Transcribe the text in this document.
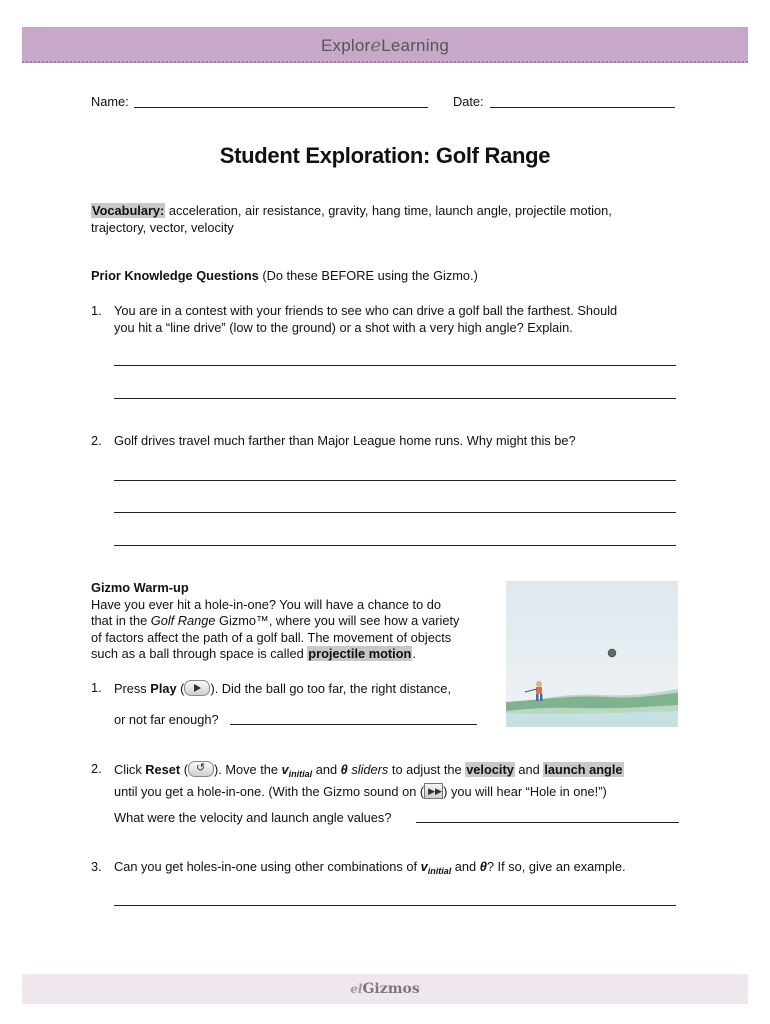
ExploreLearning
Name:	Date:
Student Exploration: Golf Range
Vocabulary: acceleration, air resistance, gravity, hang time, launch angle, projectile motion,
trajectory, vector, velocity
Prior Knowledge Questions (Do these BEFORE using the Gizmo.)
1. You are in a contest with your friends to see who can drive a golf ball the farthest. Should
you hit a “line drive” (low to the ground) or a shot with a very high angle? Explain.
2. Golf drives travel much farther than Major League home runs. Why might this be?
Gizmo Warm-up
Have you ever hit a hole-in-one? You will have a chance to do
that in the Golf Range Gizmo™, where you will see how a variety
of factors affect the path of a golf ball. The movement of objects
such as a ball through space is called projectile motion.
1. Press Play ( ). Did the ball go too far, the right distance,
or not far enough?
2. Click Reset ( ↺ ). Move the $v_{initial}$ and θ sliders to adjust the velocity and launch angle
until you get a hole-in-one. (With the Gizmo sound on ( ▶▶ ) you will hear “Hole in one!”)
What were the velocity and launch angle values?
3. Can you get holes-in-one using other combinations of $v_{initial}$ and θ? If so, give an example.
elGizmos
